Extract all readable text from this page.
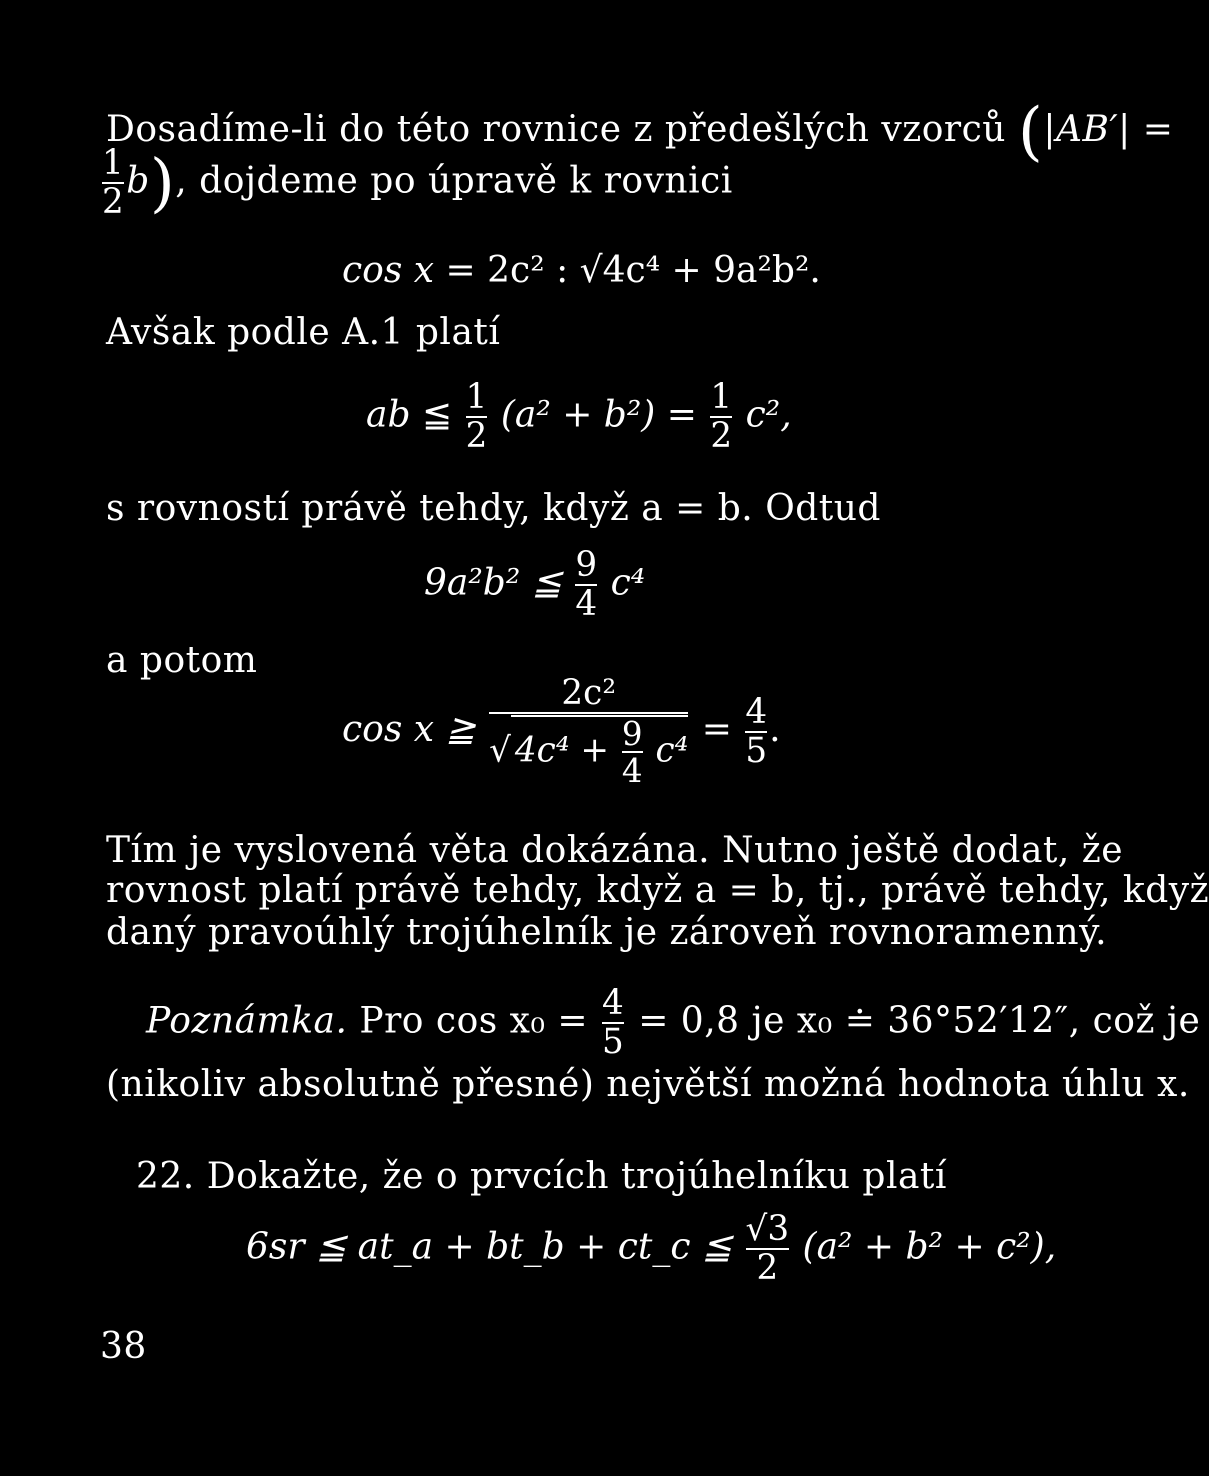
Dosadíme-li do této rovnice z předešlých vzorců (|AB′| =
$\frac{1}{2} b$), dojdeme po úpravě k rovnici
cos x = 2c² : √4c⁴ + 9a²b².
Avšak podle A.1 platí
ab ≦ $\frac{1}{2} (a^2 + b^2) = \frac{1}{2} c^2$,
s rovností právě tehdy, když a = b. Odtud
9a²b² ≦ $\frac{9}{4} c^4$
a potom
cos x ≧ $\frac{\text{2c²}}{√ 4c^4 + \frac{9}{4} c^4} = \frac{4}{5}$ .
Tím je vyslovená věta dokázána. Nutno ještě dodat, že
rovnost platí právě tehdy, když a = b, tj., právě tehdy, když
daný pravoúhlý trojúhelník je zároveň rovnoramenný.
Poznámka. Pro $\cos x_0 = \frac{4}{5} = 0,8$ je x₀ ≐ 36°52′12″, což je
(nikoliv absolutně přesné) největší možná hodnota úhlu x.
22. Dokažte, že o prvcích trojúhelníku platí
6sr ≦ at_a + bt_b + ct_c ≦ $\frac{√3}{2} (a^2 + b^2 + c^2)$,
38
